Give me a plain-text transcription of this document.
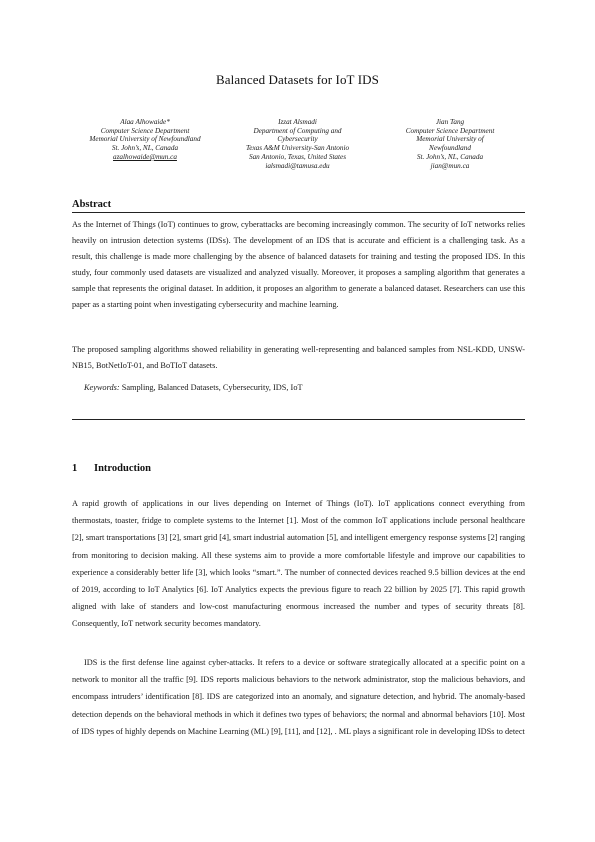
Balanced Datasets for IoT IDS
Alaa Alhowaide*
Computer Science Department
Memorial University of Newfoundland
St. John’s, NL, Canada
azalhowaide@mun.ca
Izzat Alsmadi
Department of Computing and
Cybersecurity
Texas A&M University-San Antonio
San Antonio, Texas, United States
ialsmadi@tamusa.edu
Jian Tang
Computer Science Department
Memorial University of
Newfoundland
St. John’s, NL, Canada
jian@mun.ca
Abstract
As the Internet of Things (IoT) continues to grow, cyberattacks are becoming increasingly common. The security of IoT networks relies heavily on intrusion detection systems (IDSs). The development of an IDS that is accurate and efficient is a challenging task. As a result, this challenge is made more challenging by the absence of balanced datasets for training and testing the proposed IDS. In this study, four commonly used datasets are visualized and analyzed visually. Moreover, it proposes a sampling algorithm that generates a sample that represents the original dataset. In addition, it proposes an algorithm to generate a balanced dataset. Researchers can use this paper as a starting point when investigating cybersecurity and machine learning.
The proposed sampling algorithms showed reliability in generating well-representing and balanced samples from NSL-KDD, UNSW-NB15, BotNetIoT-01, and BoTIoT datasets.
Keywords: Sampling, Balanced Datasets, Cybersecurity, IDS, IoT
1 Introduction
A rapid growth of applications in our lives depending on Internet of Things (IoT). IoT applications connect everything from thermostats, toaster, fridge to complete systems to the Internet [1]. Most of the common IoT applications include personal healthcare [2], smart transportations [3] [2], smart grid [4], smart industrial automation [5], and intelligent emergency response systems [2] ranging from monitoring to decision making. All these systems aim to provide a more comfortable lifestyle and improve our capabilities to experience a considerably better life [3], which looks “smart.”. The number of connected devices reached 9.5 billion devices at the end of 2019, according to IoT Analytics [6]. IoT Analytics expects the previous figure to reach 22 billion by 2025 [7]. This rapid growth aligned with lake of standers and low-cost manufacturing enormous increased the number and types of security threats [8]. Consequently, IoT network security becomes mandatory.
IDS is the first defense line against cyber-attacks. It refers to a device or software strategically allocated at a specific point on a network to monitor all the traffic [9]. IDS reports malicious behaviors to the network administrator, stop the malicious behaviors, and encompass intruders’ identification [8]. IDS are categorized into an anomaly, and signature detection, and hybrid. The anomaly-based detection depends on the behavioral methods in which it defines two types of behaviors; the normal and abnormal behaviors [10]. Most of IDS types of highly depends on Machine Learning (ML) [9], [11], and [12], . ML plays a significant role in developing IDSs to detect
